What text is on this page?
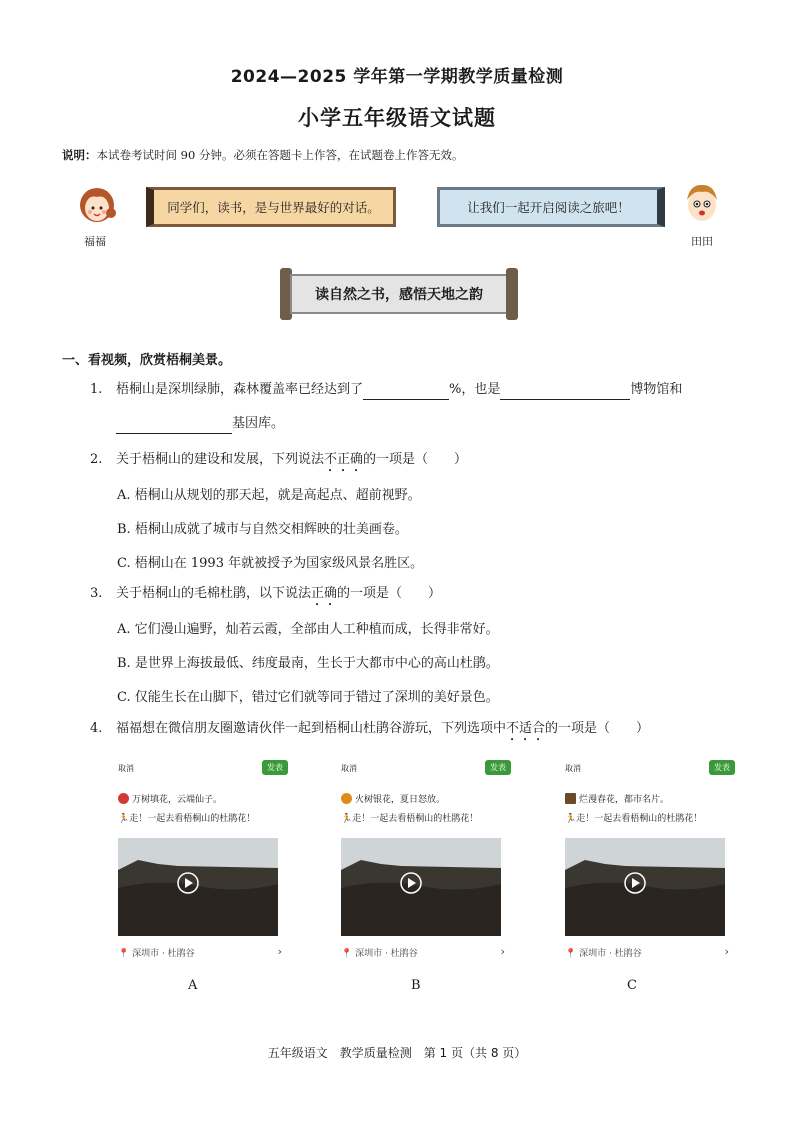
2024—2025 学年第一学期教学质量检测
小学五年级语文试题
说明：本试卷考试时间 90 分钟。必须在答题卡上作答，在试题卷上作答无效。
福福
同学们，读书，是与世界最好的对话。	让我们一起开启阅读之旅吧！
田田
读自然之书，感悟天地之韵
一、看视频，欣赏梧桐美景。
1. 梧桐山是深圳绿肺，森林覆盖率已经达到了	%，也是	博物馆和
基因库。
2. 关于梧桐山的建设和发展，下列说法不正确的一项是（　　）
A. 梧桐山从规划的那天起，就是高起点、超前视野。
B. 梧桐山成就了城市与自然交相辉映的壮美画卷。
C. 梧桐山在 1993 年就被授予为国家级风景名胜区。
3. 关于梧桐山的毛棉杜鹃，以下说法正确的一项是（　　）
A. 它们漫山遍野，灿若云霞，全部由人工种植而成，长得非常好。
B. 是世界上海拔最低、纬度最南，生长于大都市中心的高山杜鹃。
C. 仅能生长在山脚下，错过它们就等同于错过了深圳的美好景色。
4. 福福想在微信朋友圈邀请伙伴一起到梧桐山杜鹃谷游玩，下列选项中不适合的一项是（　　）
取消	发表
万树填花，云端仙子。
🏃走！一起去看梧桐山的杜鹃花！
📍 深圳市 · 杜鹃谷	›
A
取消	发表
火树银花，夏日怒放。
🏃走！一起去看梧桐山的杜鹃花！
📍 深圳市 · 杜鹃谷	›
B
取消	发表
烂漫春花，都市名片。
🏃走！一起去看梧桐山的杜鹃花！
📍 深圳市 · 杜鹃谷	›
C
五年级语文　教学质量检测　第 1 页（共 8 页）
